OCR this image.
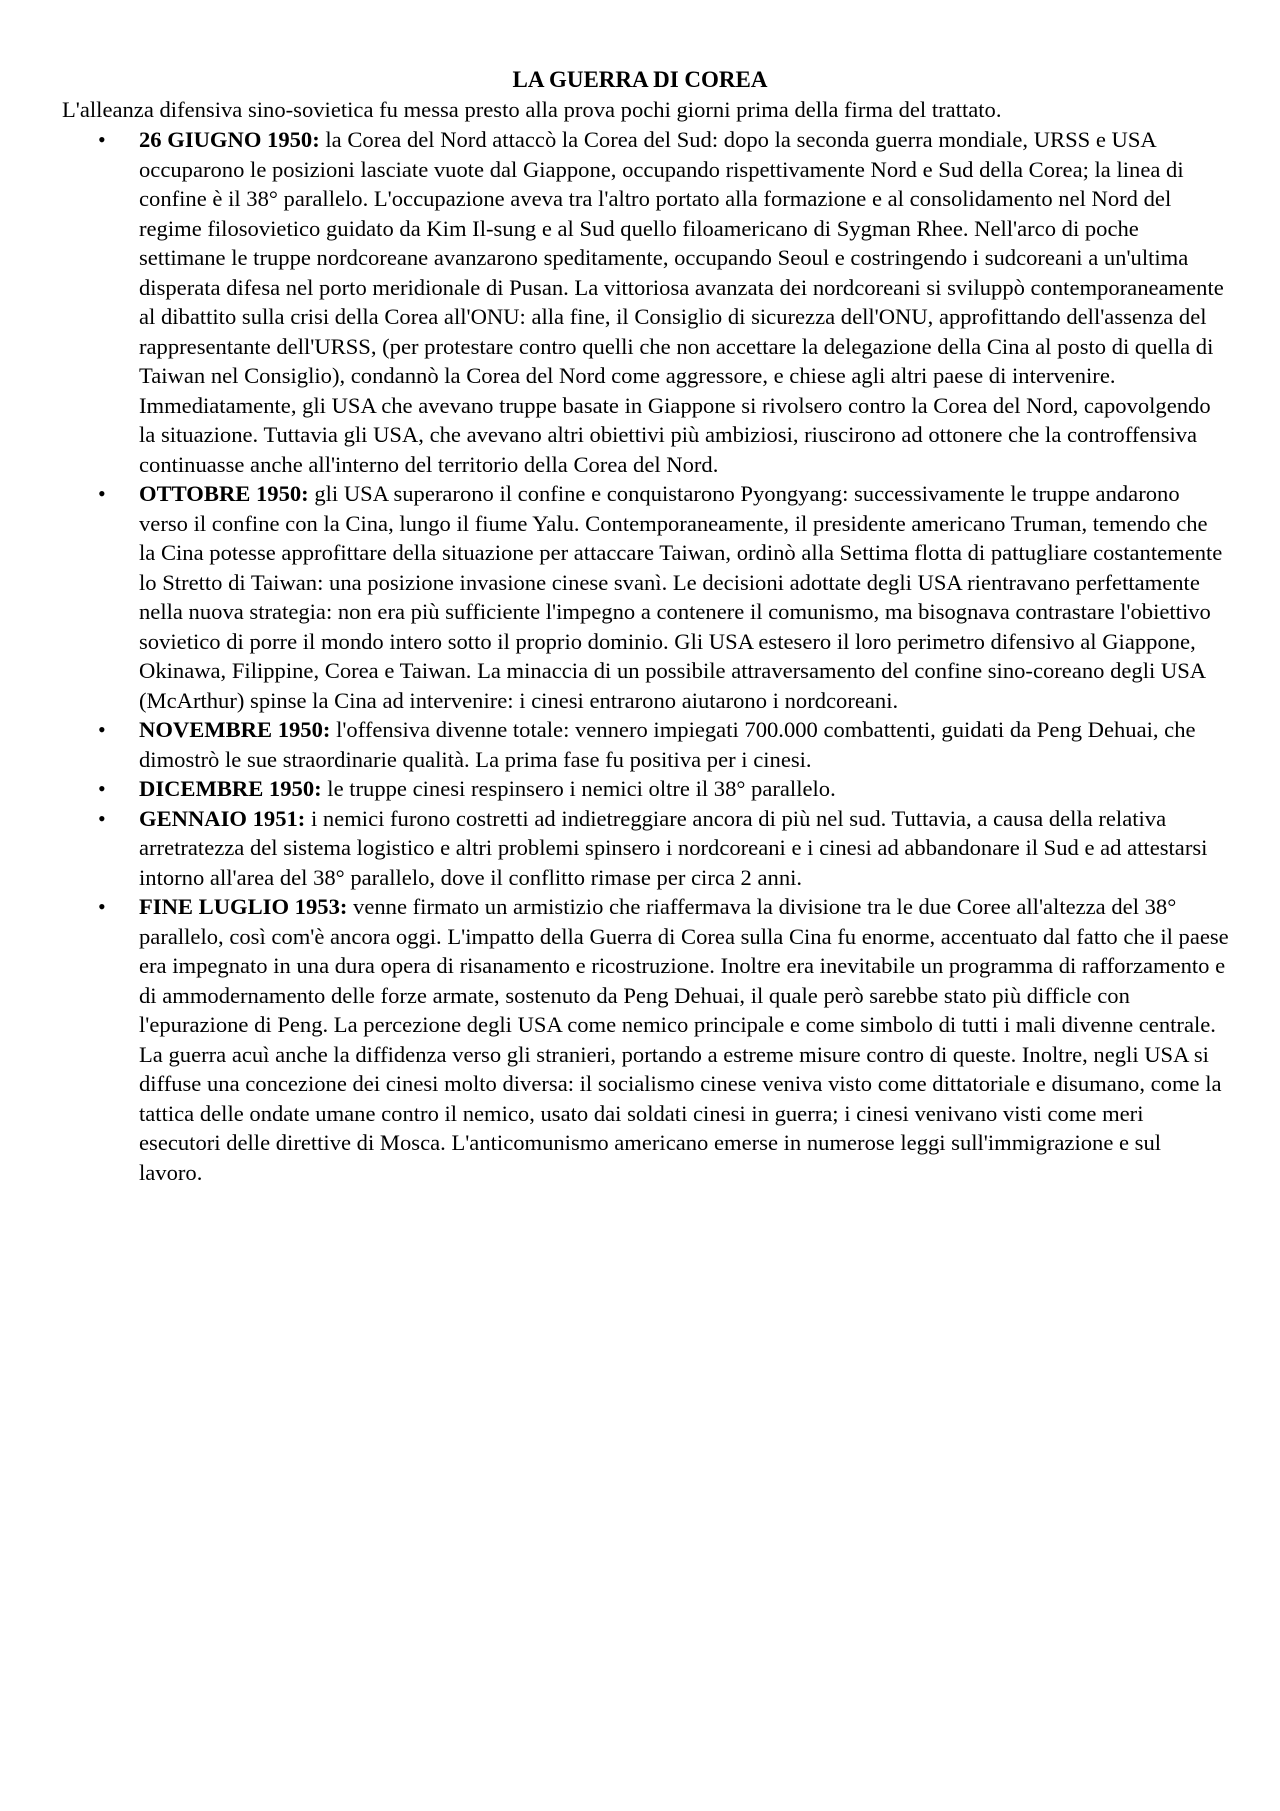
LA GUERRA DI COREA
L'alleanza difensiva sino-sovietica fu messa presto alla prova pochi giorni prima della firma del trattato.
• 26 GIUGNO 1950: la Corea del Nord attaccò la Corea del Sud: dopo la seconda guerra mondiale, URSS e USA occuparono le posizioni lasciate vuote dal Giappone, occupando rispettivamente Nord e Sud della Corea; la linea di confine è il 38° parallelo. L'occupazione aveva tra l'altro portato alla formazione e al consolidamento nel Nord del regime filosovietico guidato da Kim Il-sung e al Sud quello filoamericano di Sygman Rhee. Nell'arco di poche settimane le truppe nordcoreane avanzarono speditamente, occupando Seoul e costringendo i sudcoreani a un'ultima disperata difesa nel porto meridionale di Pusan. La vittoriosa avanzata dei nordcoreani si sviluppò contemporaneamente al dibattito sulla crisi della Corea all'ONU: alla fine, il Consiglio di sicurezza dell'ONU, approfittando dell'assenza del rappresentante dell'URSS, (per protestare contro quelli che non accettare la delegazione della Cina al posto di quella di Taiwan nel Consiglio), condannò la Corea del Nord come aggressore, e chiese agli altri paese di intervenire. Immediatamente, gli USA che avevano truppe basate in Giappone si rivolsero contro la Corea del Nord, capovolgendo la situazione. Tuttavia gli USA, che avevano altri obiettivi più ambiziosi, riuscirono ad ottonere che la controffensiva continuasse anche all'interno del territorio della Corea del Nord.
• OTTOBRE 1950: gli USA superarono il confine e conquistarono Pyongyang: successivamente le truppe andarono verso il confine con la Cina, lungo il fiume Yalu. Contemporaneamente, il presidente americano Truman, temendo che la Cina potesse approfittare della situazione per attaccare Taiwan, ordinò alla Settima flotta di pattugliare costantemente lo Stretto di Taiwan: una posizione invasione cinese svanì. Le decisioni adottate degli USA rientravano perfettamente nella nuova strategia: non era più sufficiente l'impegno a contenere il comunismo, ma bisognava contrastare l'obiettivo sovietico di porre il mondo intero sotto il proprio dominio. Gli USA estesero il loro perimetro difensivo al Giappone, Okinawa, Filippine, Corea e Taiwan. La minaccia di un possibile attraversamento del confine sino-coreano degli USA (McArthur) spinse la Cina ad intervenire: i cinesi entrarono aiutarono i nordcoreani.
• NOVEMBRE 1950: l'offensiva divenne totale: vennero impiegati 700.000 combattenti, guidati da Peng Dehuai, che dimostrò le sue straordinarie qualità. La prima fase fu positiva per i cinesi.
• DICEMBRE 1950: le truppe cinesi respinsero i nemici oltre il 38° parallelo.
• GENNAIO 1951: i nemici furono costretti ad indietreggiare ancora di più nel sud. Tuttavia, a causa della relativa arretratezza del sistema logistico e altri problemi spinsero i nordcoreani e i cinesi ad abbandonare il Sud e ad attestarsi intorno all'area del 38° parallelo, dove il conflitto rimase per circa 2 anni.
• FINE LUGLIO 1953: venne firmato un armistizio che riaffermava la divisione tra le due Coree all'altezza del 38° parallelo, così com'è ancora oggi. L'impatto della Guerra di Corea sulla Cina fu enorme, accentuato dal fatto che il paese era impegnato in una dura opera di risanamento e ricostruzione. Inoltre era inevitabile un programma di rafforzamento e di ammodernamento delle forze armate, sostenuto da Peng Dehuai, il quale però sarebbe stato più difficle con l'epurazione di Peng. La percezione degli USA come nemico principale e come simbolo di tutti i mali divenne centrale. La guerra acuì anche la diffidenza verso gli stranieri, portando a estreme misure contro di queste. Inoltre, negli USA si diffuse una concezione dei cinesi molto diversa: il socialismo cinese veniva visto come dittatoriale e disumano, come la tattica delle ondate umane contro il nemico, usato dai soldati cinesi in guerra; i cinesi venivano visti come meri esecutori delle direttive di Mosca. L'anticomunismo americano emerse in numerose leggi sull'immigrazione e sul lavoro.
